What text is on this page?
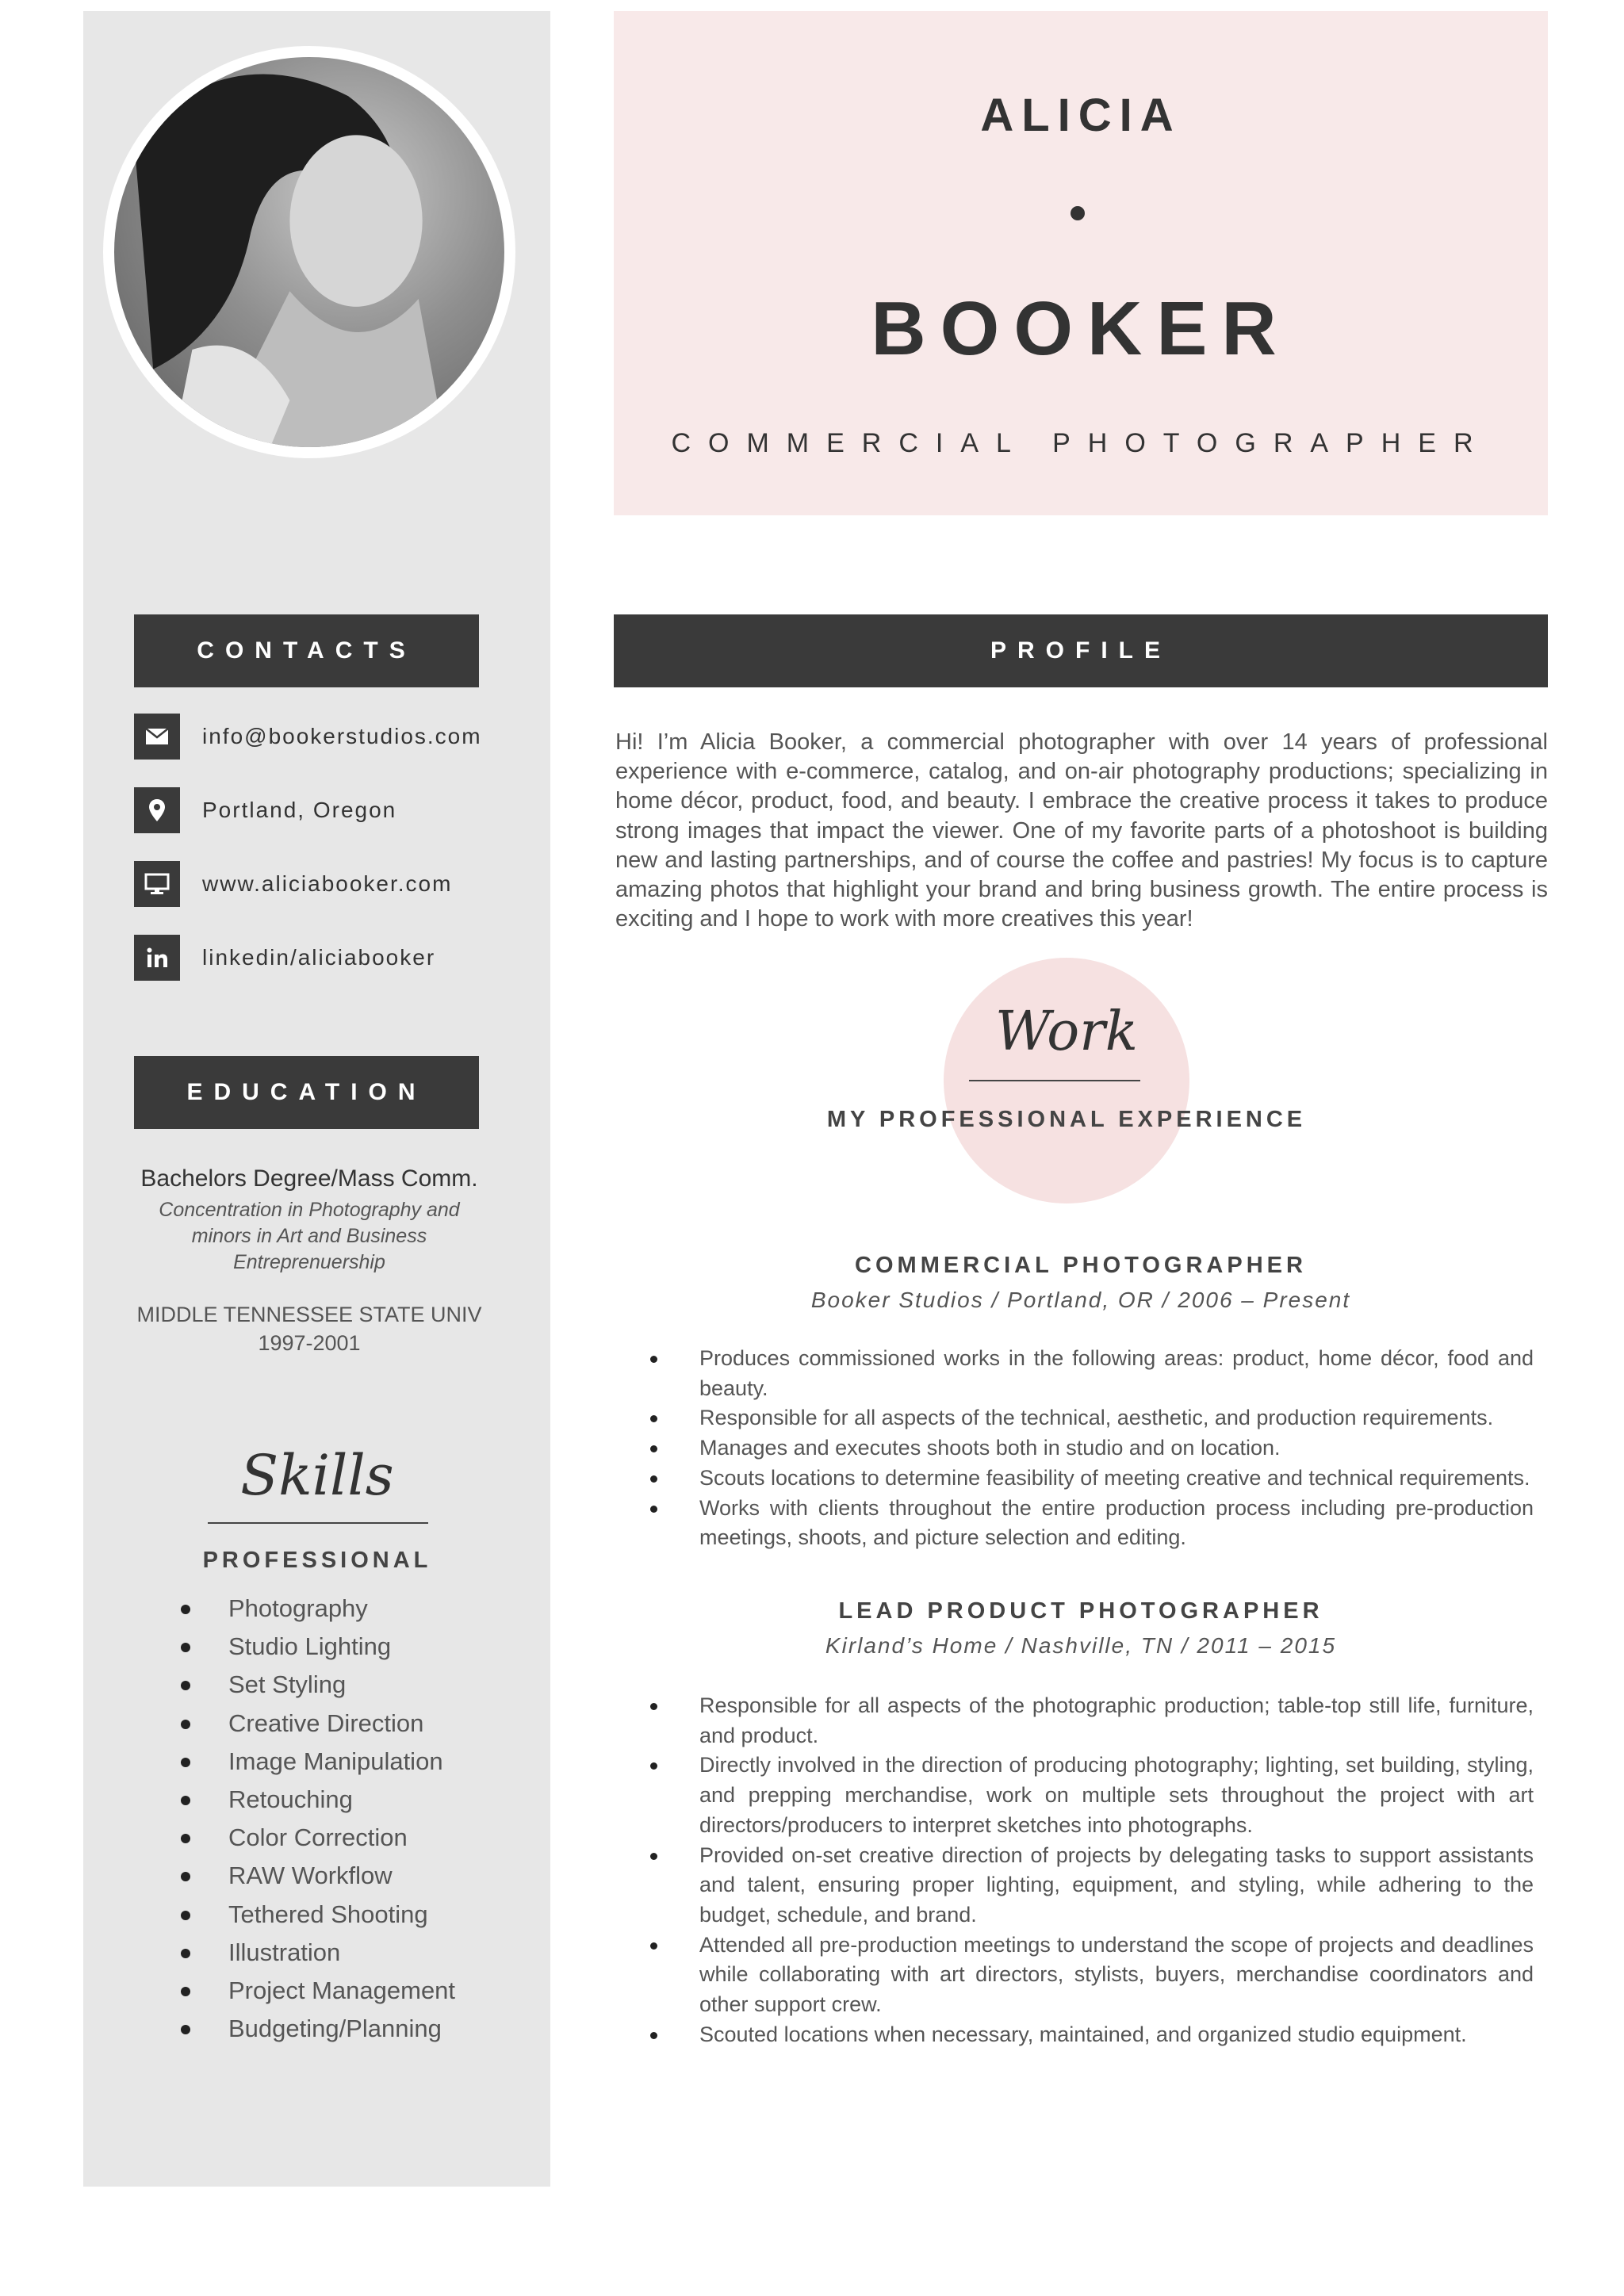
ALICIA
BOOKER
COMMERCIAL PHOTOGRAPHER
CONTACTS
info@bookerstudios.com
Portland, Oregon
www.aliciabooker.com
linkedin/aliciabooker
EDUCATION
Bachelors Degree/Mass Comm.
Concentration in Photography and minors in Art and Business Entreprenuership
MIDDLE TENNESSEE STATE UNIV
1997-2001
Skills
PROFESSIONAL
Photography
Studio Lighting
Set Styling
Creative Direction
Image Manipulation
Retouching
Color Correction
RAW Workflow
Tethered Shooting
Illustration
Project Management
Budgeting/Planning
PROFILE

Hi! I’m Alicia Booker, a commercial photographer with over 14 years of professional experience with e-commerce, catalog, and on-air photography productions; specializing in home décor, product, food, and beauty. I embrace the creative process it takes to produce strong images that impact the viewer. One of my favorite parts of a photoshoot is building new and lasting partnerships, and of course the coffee and pastries! My focus is to capture amazing photos that highlight your brand and bring business growth. The entire process is exciting and I hope to work with more creatives this year!

Work
MY PROFESSIONAL EXPERIENCE
COMMERCIAL PHOTOGRAPHER
Booker Studios / Portland, OR / 2006 – Present
Produces commissioned works in the following areas: product, home décor, food and beauty.
Responsible for all aspects of the technical, aesthetic, and production requirements.
Manages and executes shoots both in studio and on location.
Scouts locations to determine feasibility of meeting creative and technical requirements.
Works with clients throughout the entire production process including pre-production meetings, shoots, and picture selection and editing.
LEAD PRODUCT PHOTOGRAPHER
Kirland’s Home / Nashville, TN / 2011 – 2015
Responsible for all aspects of the photographic production; table-top still life, furniture, and product.
Directly involved in the direction of producing photography; lighting, set building, styling, and prepping merchandise, work on multiple sets throughout the project with art directors/producers to interpret sketches into photographs.
Provided on-set creative direction of projects by delegating tasks to support assistants and talent, ensuring proper lighting, equipment, and styling, while adhering to the budget, schedule, and brand.
Attended all pre-production meetings to understand the scope of projects and deadlines while collaborating with art directors, stylists, buyers, merchandise coordinators and other support crew.
Scouted locations when necessary, maintained, and organized studio equipment.
